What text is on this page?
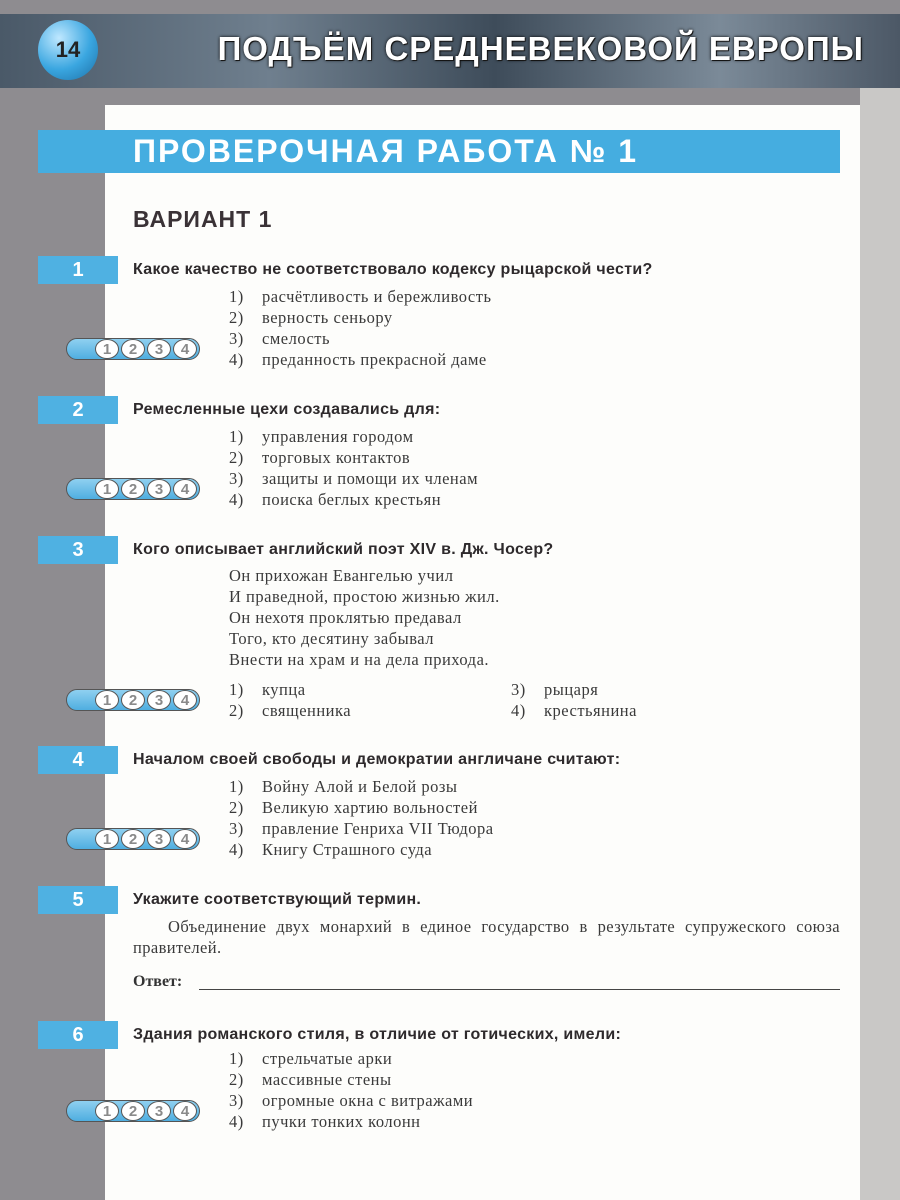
14	ПОДЪЁМ СРЕДНЕВЕКОВОЙ ЕВРОПЫ
ПРОВЕРОЧНАЯ РАБОТА № 1
ВАРИАНТ 1
1	Какое качество не соответствовало кодексу рыцарской чести?
2	Ремесленные цехи создавались для:
3	Кого описывает английский поэт XIV в. Дж. Чосер?
4	Началом своей свободы и демократии англичане считают:
5	Укажите соответствующий термин.
6	Здания романского стиля, в отличие от готических, имели:
1) расчётливость и бережливость
2) верность сеньору
3) смелость
4) преданность прекрасной даме
1	2	3	4
1) управления городом
2) торговых контактов
3) защиты и помощи их членам
4) поиска беглых крестьян
1	2	3	4
1) Войну Алой и Белой розы
2) Великую хартию вольностей
3) правление Генриха VII Тюдора
4) Книгу Страшного суда
1	2	3	4
1) стрельчатые арки
2) массивные стены
3) огромные окна с витражами
4) пучки тонких колонн
1	2	3	4
Он прихожан Евангелью учил
И праведной, простою жизнью жил.
Он нехотя проклятью предавал
Того, кто десятину забывал
Внести на храм и на дела прихода.
1) купца
2) священника
3) рыцаря
4) крестьянина
1	2	3	4
Объединение двух монархий в единое государство в результате супружеского союза правителей.
Ответ:
